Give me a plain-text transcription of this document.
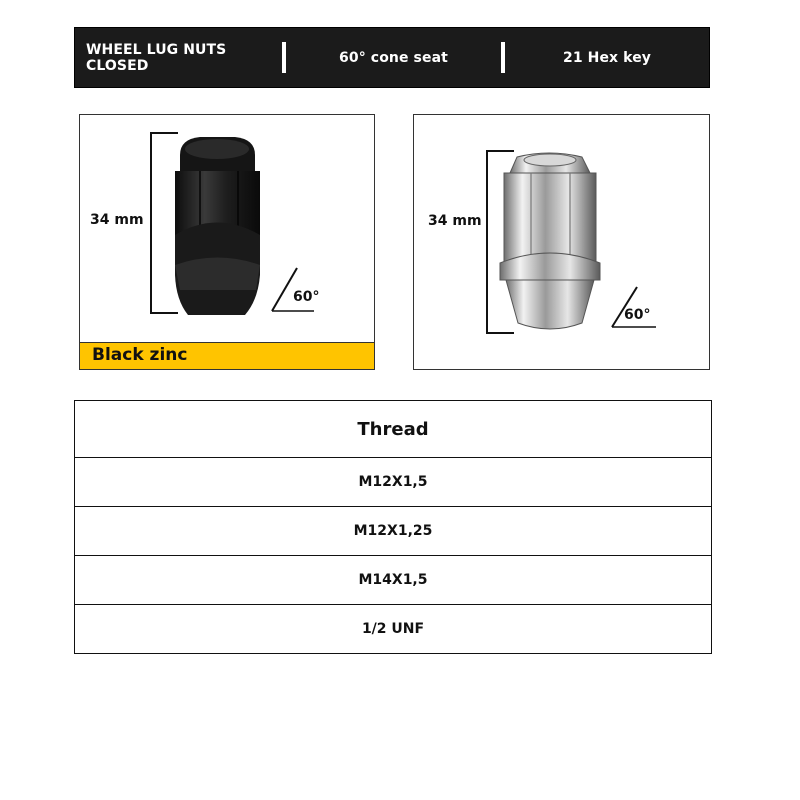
WHEEL LUG NUTS CLOSED	60° cone seat	21 Hex key
34 mm
60°
Black zinc
34 mm
60°
Thread
M12X1,5
M12X1,25
M14X1,5
1/2 UNF
